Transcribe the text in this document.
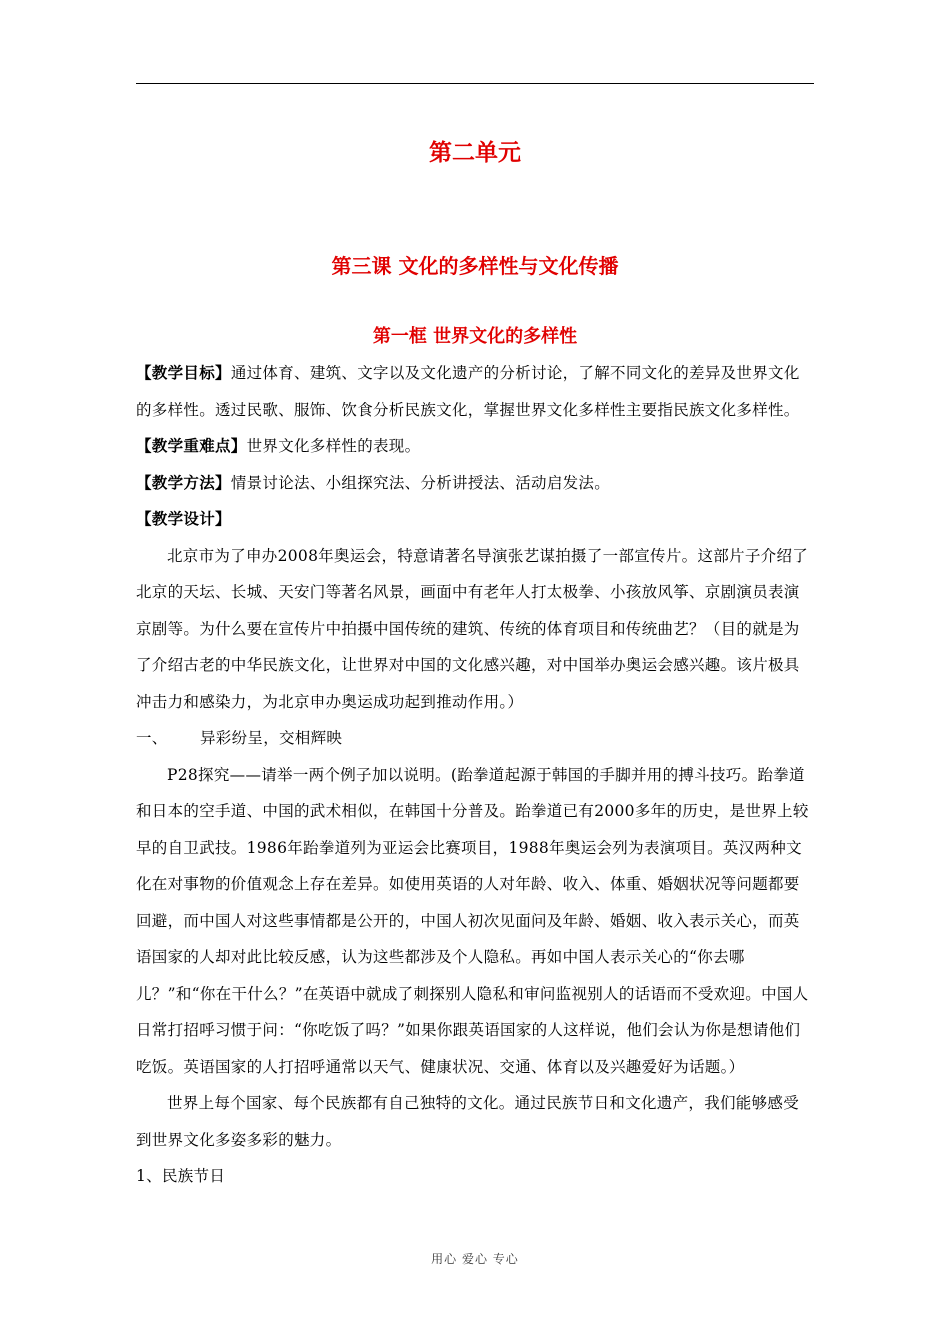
第二单元
第三课 文化的多样性与文化传播
第一框 世界文化的多样性

【教学目标】通过体育、建筑、文字以及文化遗产的分析讨论，了解不同文化的差异及世界文化的多样性。透过民歌、服饰、饮食分析民族文化，掌握世界文化多样性主要指民族文化多样性。

【教学重难点】世界文化多样性的表现。

【教学方法】情景讨论法、小组探究法、分析讲授法、活动启发法。

【教学设计】

北京市为了申办2008年奥运会，特意请著名导演张艺谋拍摄了一部宣传片。这部片子介绍了北京的天坛、长城、天安门等著名风景，画面中有老年人打太极拳、小孩放风筝、京剧演员表演京剧等。为什么要在宣传片中拍摄中国传统的建筑、传统的体育项目和传统曲艺？（目的就是为了介绍古老的中华民族文化，让世界对中国的文化感兴趣，对中国举办奥运会感兴趣。该片极具冲击力和感染力，为北京申办奥运成功起到推动作用。）

一、 异彩纷呈，交相辉映

P28探究——请举一两个例子加以说明。(跆拳道起源于韩国的手脚并用的搏斗技巧。跆拳道和日本的空手道、中国的武术相似，在韩国十分普及。跆拳道已有2000多年的历史，是世界上较早的自卫武技。1986年跆拳道列为亚运会比赛项目，1988年奥运会列为表演项目。英汉两种文化在对事物的价值观念上存在差异。如使用英语的人对年龄、收入、体重、婚姻状况等问题都要回避，而中国人对这些事情都是公开的，中国人初次见面问及年龄、婚姻、收入表示关心，而英语国家的人却对此比较反感，认为这些都涉及个人隐私。再如中国人表示关心的“你去哪儿？”和“你在干什么？”在英语中就成了刺探别人隐私和审问监视别人的话语而不受欢迎。中国人日常打招呼习惯于问：“你吃饭了吗？”如果你跟英语国家的人这样说，他们会认为你是想请他们吃饭。英语国家的人打招呼通常以天气、健康状况、交通、体育以及兴趣爱好为话题。）

世界上每个国家、每个民族都有自己独特的文化。通过民族节日和文化遗产，我们能够感受到世界文化多姿多彩的魅力。

1、民族节日

用心 爱心 专心
